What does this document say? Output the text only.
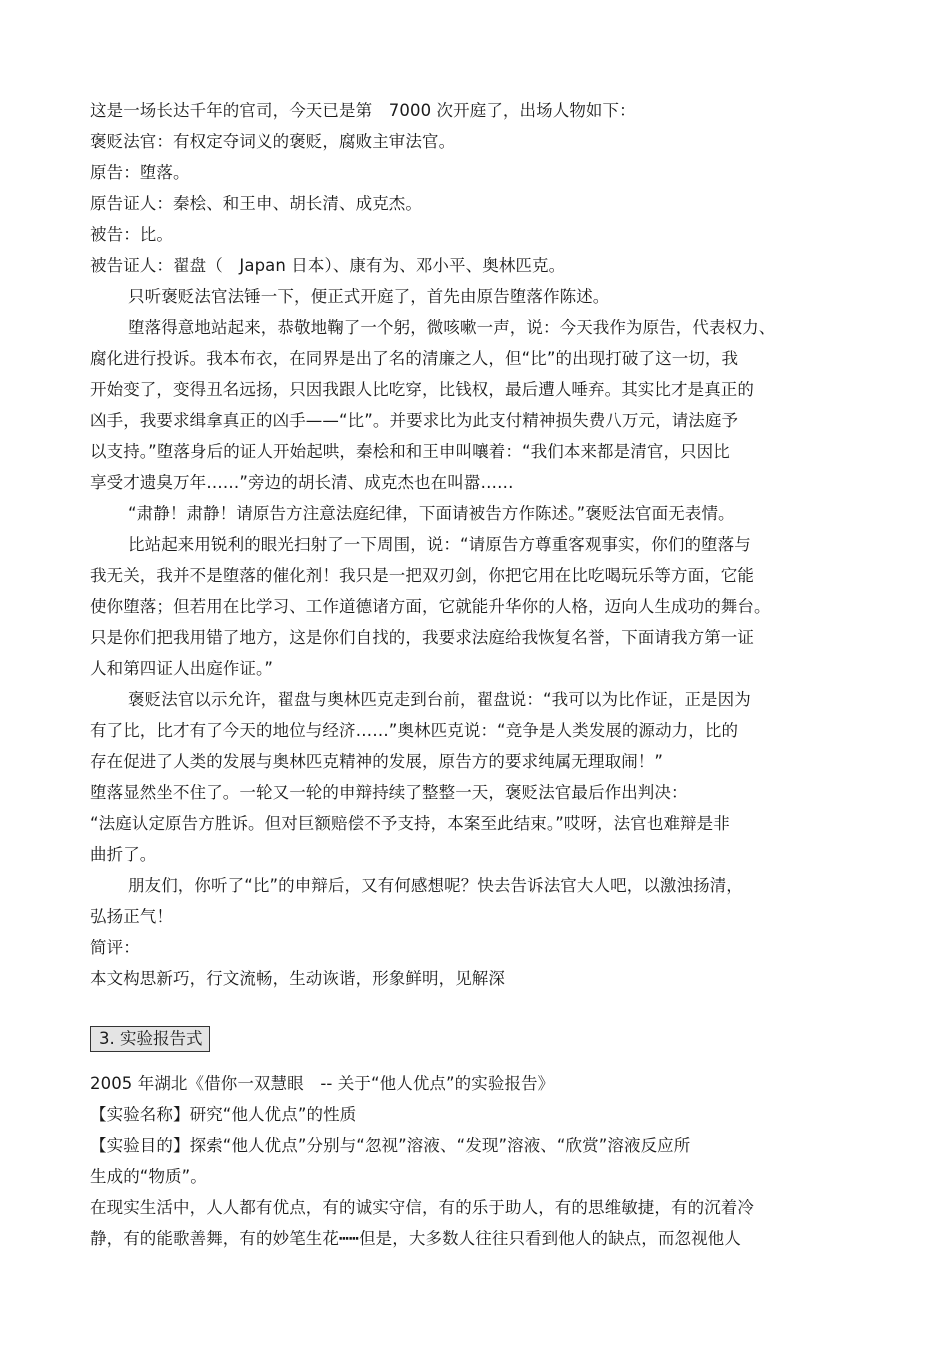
这是一场长达千年的官司，今天已是第　7000 次开庭了，出场人物如下：
褒贬法官：有权定夺词义的褒贬，腐败主审法官。
原告：堕落。
原告证人：秦桧、和王申、胡长清、成克杰。
被告：比。
被告证人：翟盘（　Japan 日本）、康有为、邓小平、奥林匹克。
只听褒贬法官法锤一下，便正式开庭了，首先由原告堕落作陈述。
堕落得意地站起来，恭敬地鞠了一个躬，微咳嗽一声，说：今天我作为原告，代表权力、
腐化进行投诉。我本布衣，在同界是出了名的清廉之人，但“比”的出现打破了这一切，我
开始变了，变得丑名远扬，只因我跟人比吃穿，比钱权，最后遭人唾弃。其实比才是真正的
凶手，我要求缉拿真正的凶手——“比”。并要求比为此支付精神损失费八万元，请法庭予
以支持。”堕落身后的证人开始起哄，秦桧和和王申叫嚷着：“我们本来都是清官，只因比
享受才遗臭万年……”旁边的胡长清、成克杰也在叫嚣……
“肃静！肃静！请原告方注意法庭纪律，下面请被告方作陈述。”褒贬法官面无表情。
比站起来用锐利的眼光扫射了一下周围，说：“请原告方尊重客观事实，你们的堕落与
我无关，我并不是堕落的催化剂！我只是一把双刃剑，你把它用在比吃喝玩乐等方面，它能
使你堕落；但若用在比学习、工作道德诸方面，它就能升华你的人格，迈向人生成功的舞台。
只是你们把我用错了地方，这是你们自找的，我要求法庭给我恢复名誉，下面请我方第一证
人和第四证人出庭作证。”
褒贬法官以示允许，翟盘与奥林匹克走到台前，翟盘说：“我可以为比作证，正是因为
有了比，比才有了今天的地位与经济……”奥林匹克说：“竞争是人类发展的源动力，比的
存在促进了人类的发展与奥林匹克精神的发展，原告方的要求纯属无理取闹！”
堕落显然坐不住了。一轮又一轮的申辩持续了整整一天，褒贬法官最后作出判决：
“法庭认定原告方胜诉。但对巨额赔偿不予支持，本案至此结束。”哎呀，法官也难辩是非
曲折了。
朋友们，你听了“比”的申辩后，又有何感想呢？快去告诉法官大人吧，以激浊扬清，
弘扬正气！
简评：
本文构思新巧，行文流畅，生动诙谐，形象鲜明，见解深
3. 实验报告式
2005 年湖北《借你一双慧眼　-- 关于“他人优点”的实验报告》
【实验名称】研究“他人优点”的性质
【实验目的】探索“他人优点”分别与“忽视”溶液、“发现”溶液、“欣赏”溶液反应所
生成的“物质”。
在现实生活中，人人都有优点，有的诚实守信，有的乐于助人，有的思维敏捷，有的沉着冷
静，有的能歌善舞，有的妙笔生花┅┅但是，大多数人往往只看到他人的缺点，而忽视他人
